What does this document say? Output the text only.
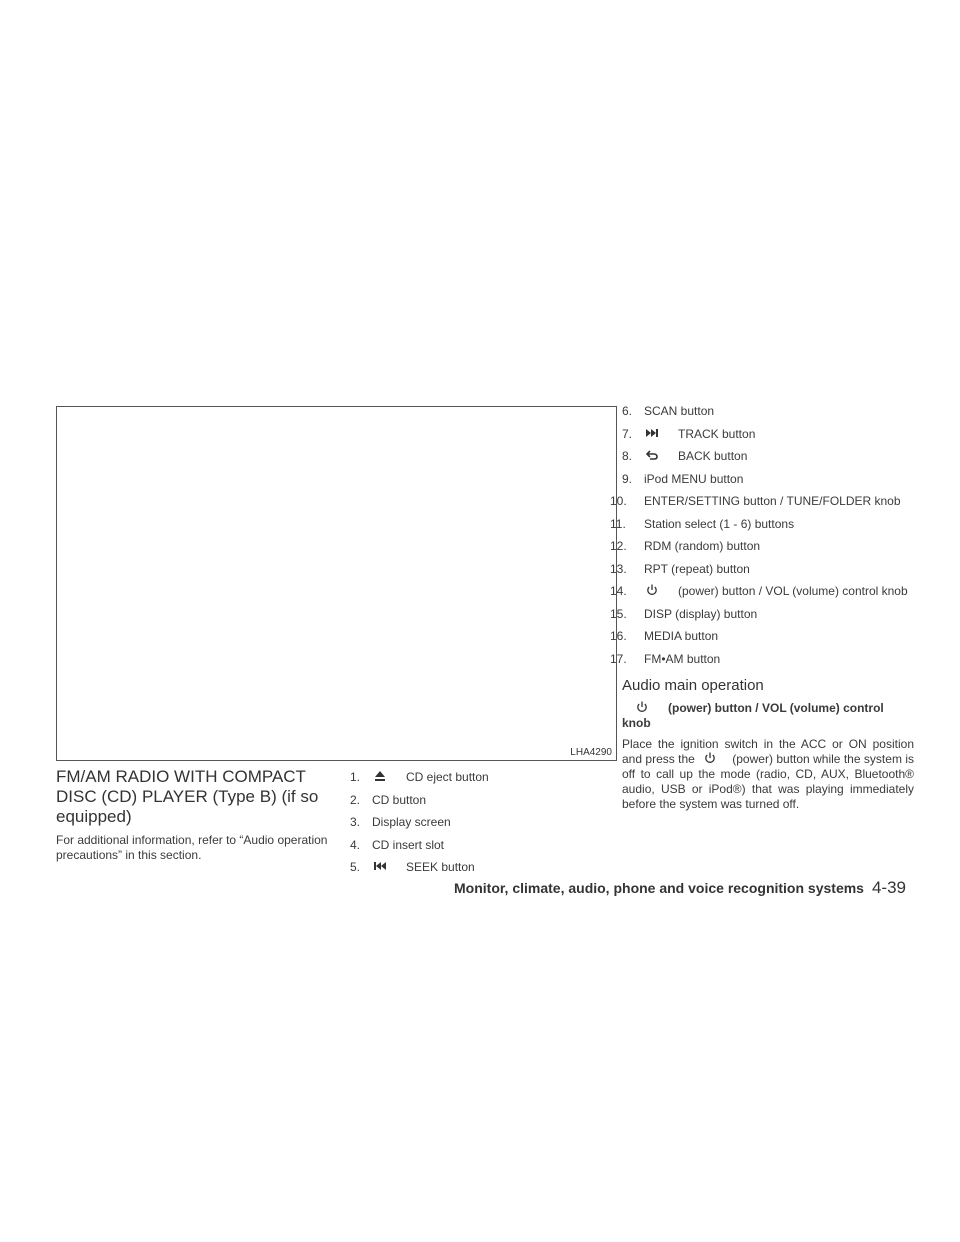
LHA4290
FM/AM RADIO WITH COMPACT DISC (CD) PLAYER (Type B) (if so equipped)

For additional information, refer to “Audio operation precautions” in this section.

1.	CD eject button
2. CD button
3. Display screen
4. CD insert slot
5.	SEEK button
6. SCAN button
7.	TRACK button
8.	BACK button
9. iPod MENU button
10. ENTER/SETTING button / TUNE/FOLDER knob
11. Station select (1 - 6) buttons
12. RDM (random) button
13. RPT (repeat) button
14.	(power) button / VOL (volume) control knob
15. DISP (display) button
16. MEDIA button
17. FM•AM button
Audio main operation

(power) button / VOL (volume) control knob

Place the ignition switch in the ACC or ON position and press the	(power) button while the system is off to call up the mode (radio, CD, AUX, Bluetooth® audio, USB or iPod®) that was playing immediately before the system was turned off.

Monitor, climate, audio, phone and voice recognition systems 4-39
